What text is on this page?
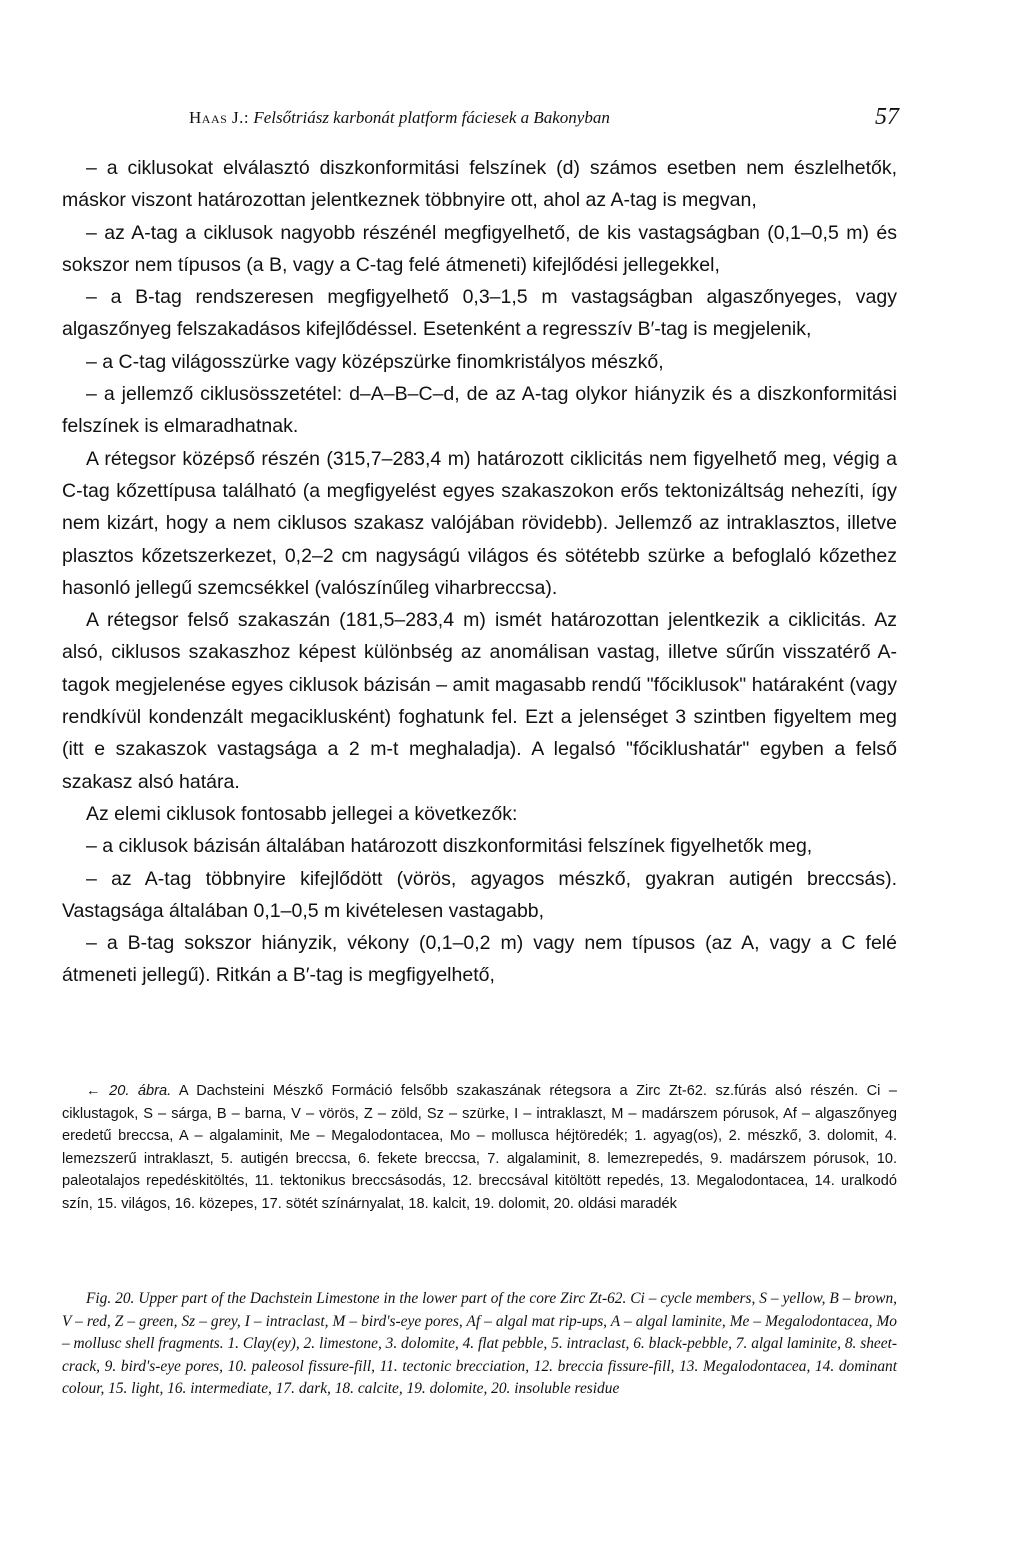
Haas J.: Felsőtriász karbonát platform fáciesek a Bakonyban	57

– a ciklusokat elválasztó diszkonformitási felszínek (d) számos esetben nem észlelhetők, máskor viszont határozottan jelentkeznek többnyire ott, ahol az A-tag is megvan,

– az A-tag a ciklusok nagyobb részénél megfigyelhető, de kis vastagságban (0,1–0,5 m) és sokszor nem típusos (a B, vagy a C-tag felé átmeneti) kifejlődési jellegekkel,

– a B-tag rendszeresen megfigyelhető 0,3–1,5 m vastagságban algaszőnyeges, vagy algaszőnyeg felszakadásos kifejlődéssel. Esetenként a regresszív B′-tag is megjelenik,

– a C-tag világosszürke vagy középszürke finomkristályos mészkő,

– a jellemző ciklusösszetétel: d–A–B–C–d, de az A-tag olykor hiányzik és a diszkonformitási felszínek is elmaradhatnak.

A rétegsor középső részén (315,7–283,4 m) határozott ciklicitás nem figyelhető meg, végig a C-tag kőzettípusa található (a megfigyelést egyes szakaszokon erős tektonizáltság nehezíti, így nem kizárt, hogy a nem ciklusos szakasz valójában rövidebb). Jellemző az intraklasztos, illetve plasztos kőzetszerkezet, 0,2–2 cm nagyságú világos és sötétebb szürke a befoglaló kőzethez hasonló jellegű szemcsékkel (valószínűleg viharbreccsa).

A rétegsor felső szakaszán (181,5–283,4 m) ismét határozottan jelentkezik a ciklicitás. Az alsó, ciklusos szakaszhoz képest különbség az anomálisan vastag, illetve sűrűn visszatérő A-tagok megjelenése egyes ciklusok bázisán – amit magasabb rendű "főciklusok" határaként (vagy rendkívül kondenzált megaciklusként) foghatunk fel. Ezt a jelenséget 3 szintben figyeltem meg (itt e szakaszok vastagsága a 2 m-t meghaladja). A legalsó "főciklushatár" egyben a felső szakasz alsó határa.

Az elemi ciklusok fontosabb jellegei a következők:

– a ciklusok bázisán általában határozott diszkonformitási felszínek figyelhetők meg,

– az A-tag többnyire kifejlődött (vörös, agyagos mészkő, gyakran autigén breccsás). Vastagsága általában 0,1–0,5 m kivételesen vastagabb,

– a B-tag sokszor hiányzik, vékony (0,1–0,2 m) vagy nem típusos (az A, vagy a C felé átmeneti jellegű). Ritkán a B′-tag is megfigyelhető,

← 20. ábra. A Dachsteini Mészkő Formáció felsőbb szakaszának rétegsora a Zirc Zt-62. sz.fúrás alsó részén. Ci – ciklustagok, S – sárga, B – barna, V – vörös, Z – zöld, Sz – szürke, I – intraklaszt, M – madárszem pórusok, Af – algaszőnyeg eredetű breccsa, A – algalaminit, Me – Megalodontacea, Mo – mollusca héjtöredék; 1. agyag(os), 2. mészkő, 3. dolomit, 4. lemezszerű intraklaszt, 5. autigén breccsa, 6. fekete breccsa, 7. algalaminit, 8. lemezrepedés, 9. madárszem pórusok, 10. paleotalajos repedéskitöltés, 11. tektonikus breccsásodás, 12. breccsával kitöltött repedés, 13. Megalodontacea, 14. uralkodó szín, 15. világos, 16. közepes, 17. sötét színárnyalat, 18. kalcit, 19. dolomit, 20. oldási maradék

Fig. 20. Upper part of the Dachstein Limestone in the lower part of the core Zirc Zt-62. Ci – cycle members, S – yellow, B – brown, V – red, Z – green, Sz – grey, I – intraclast, M – bird's-eye pores, Af – algal mat rip-ups, A – algal laminite, Me – Megalodontacea, Mo – mollusc shell fragments. 1. Clay(ey), 2. limestone, 3. dolomite, 4. flat pebble, 5. intraclast, 6. black-pebble, 7. algal laminite, 8. sheet-crack, 9. bird's-eye pores, 10. paleosol fissure-fill, 11. tectonic brecciation, 12. breccia fissure-fill, 13. Megalodontacea, 14. dominant colour, 15. light, 16. intermediate, 17. dark, 18. calcite, 19. dolomite, 20. insoluble residue
